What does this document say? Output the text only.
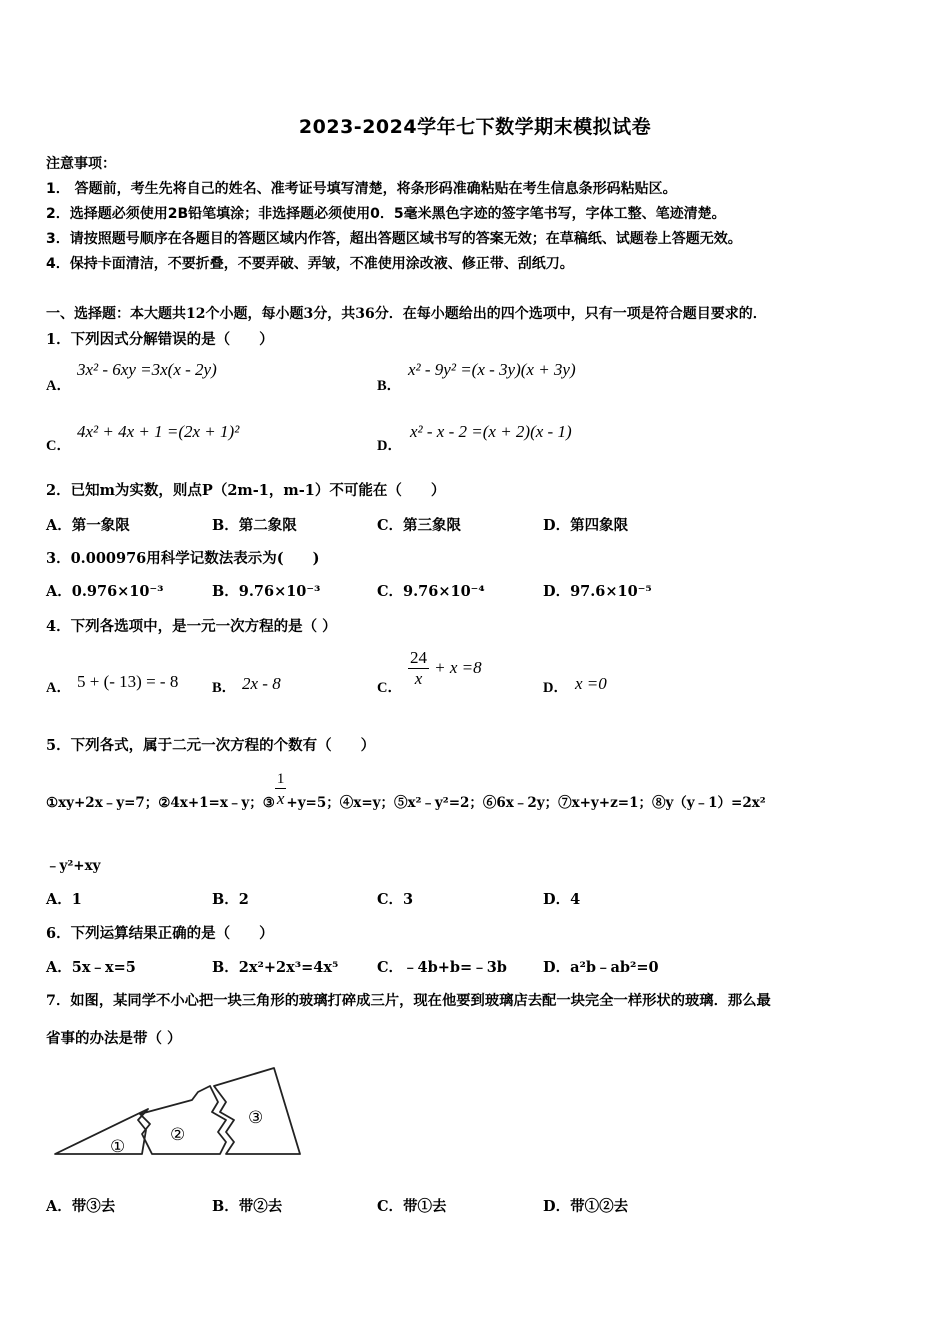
2023-2024学年七下数学期末模拟试卷
注意事项：
1． 答题前，考生先将自己的姓名、准考证号填写清楚，将条形码准确粘贴在考生信息条形码粘贴区。
2．选择题必须使用2B铅笔填涂；非选择题必须使用0．5毫米黑色字迹的签字笔书写，字体工整、笔迹清楚。
3．请按照题号顺序在各题目的答题区域内作答，超出答题区域书写的答案无效；在草稿纸、试题卷上答题无效。
4．保持卡面清洁，不要折叠，不要弄破、弄皱，不准使用涂改液、修正带、刮纸刀。
一、选择题：本大题共12个小题，每小题3分，共36分．在每小题给出的四个选项中，只有一项是符合题目要求的．
1．下列因式分解错误的是（　　）
A．
3x² - 6xy =3x(x - 2y)
B．
x² - 9y² =(x - 3y)(x + 3y)
C．
4x² + 4x + 1 =(2x + 1)²
D．
x² - x - 2 =(x + 2)(x - 1)
2．已知m为实数，则点P（2m-1，m-1）不可能在（　　）
A．第一象限	B．第二象限	C．第三象限	D．第四象限
3．0.000976用科学记数法表示为(　　)
A．0.976×10⁻³	B．9.76×10⁻³	C．9.76×10⁻⁴	D．97.6×10⁻⁵
4．下列各选项中，是一元一次方程的是（ ）
A． 5 + (- 13) = - 8 B． 2x - 8	C． $\frac{24}{x} + x =8$
D． x =0
5．下列各式，属于二元一次方程的个数有（　　）
①xy+2x﹣y=7；②4x+1=x﹣y；③ $\frac{1}{x} +y=5$；④x=y；⑤x²﹣y²=2；⑥6x﹣2y；⑦x+y+z=1；⑧y（y﹣1）=2x²
﹣y²+xy
A．1	B．2	C．3	D．4
6．下列运算结果正确的是（　　）
A．5x﹣x=5	B．2x²+2x³=4x⁵	C．﹣4b+b=﹣3b D．a²b﹣ab²=0
7．如图，某同学不小心把一块三角形的玻璃打碎成三片，现在他要到玻璃店去配一块完全一样形状的玻璃．那么最
省事的办法是带（ ）
①
②
③
A．带③去	B．带②去	C．带①去	D．带①②去
